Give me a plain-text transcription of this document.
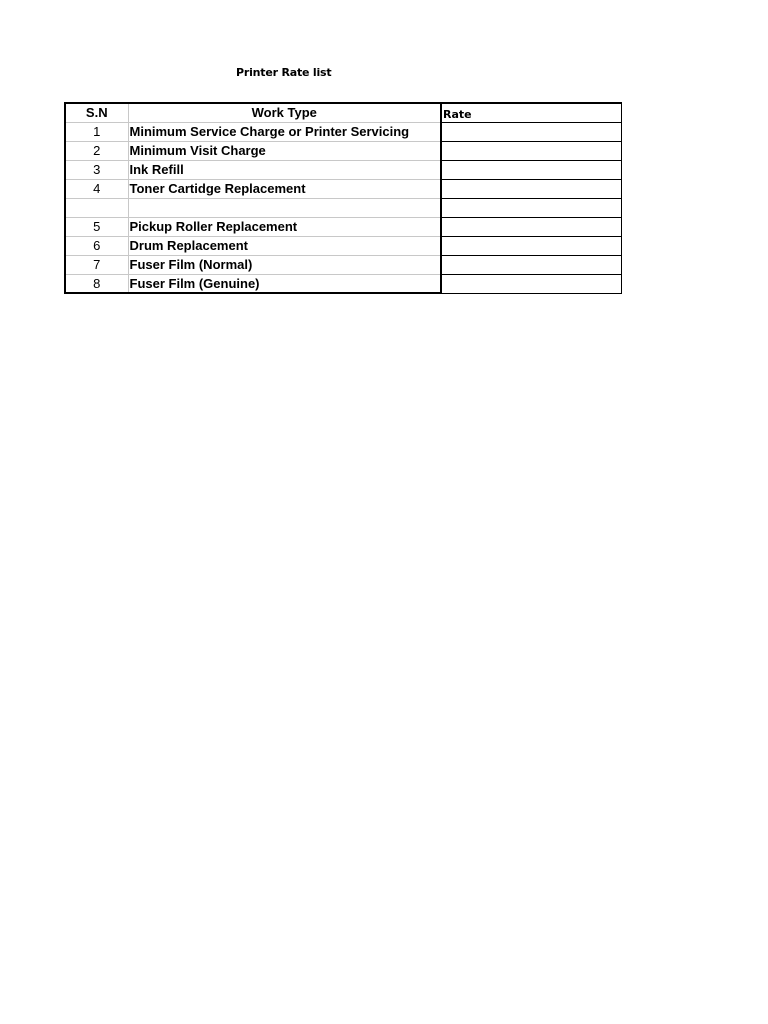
Printer Rate list
S.N	Work Type	Rate
1	Minimum Service Charge or Printer Servicing	
2	Minimum Visit Charge	
3	Ink Refill	
4	Toner Cartidge Replacement	

5	Pickup Roller Replacement	
6	Drum Replacement	
7	Fuser Film (Normal)	
8	Fuser Film (Genuine)	
